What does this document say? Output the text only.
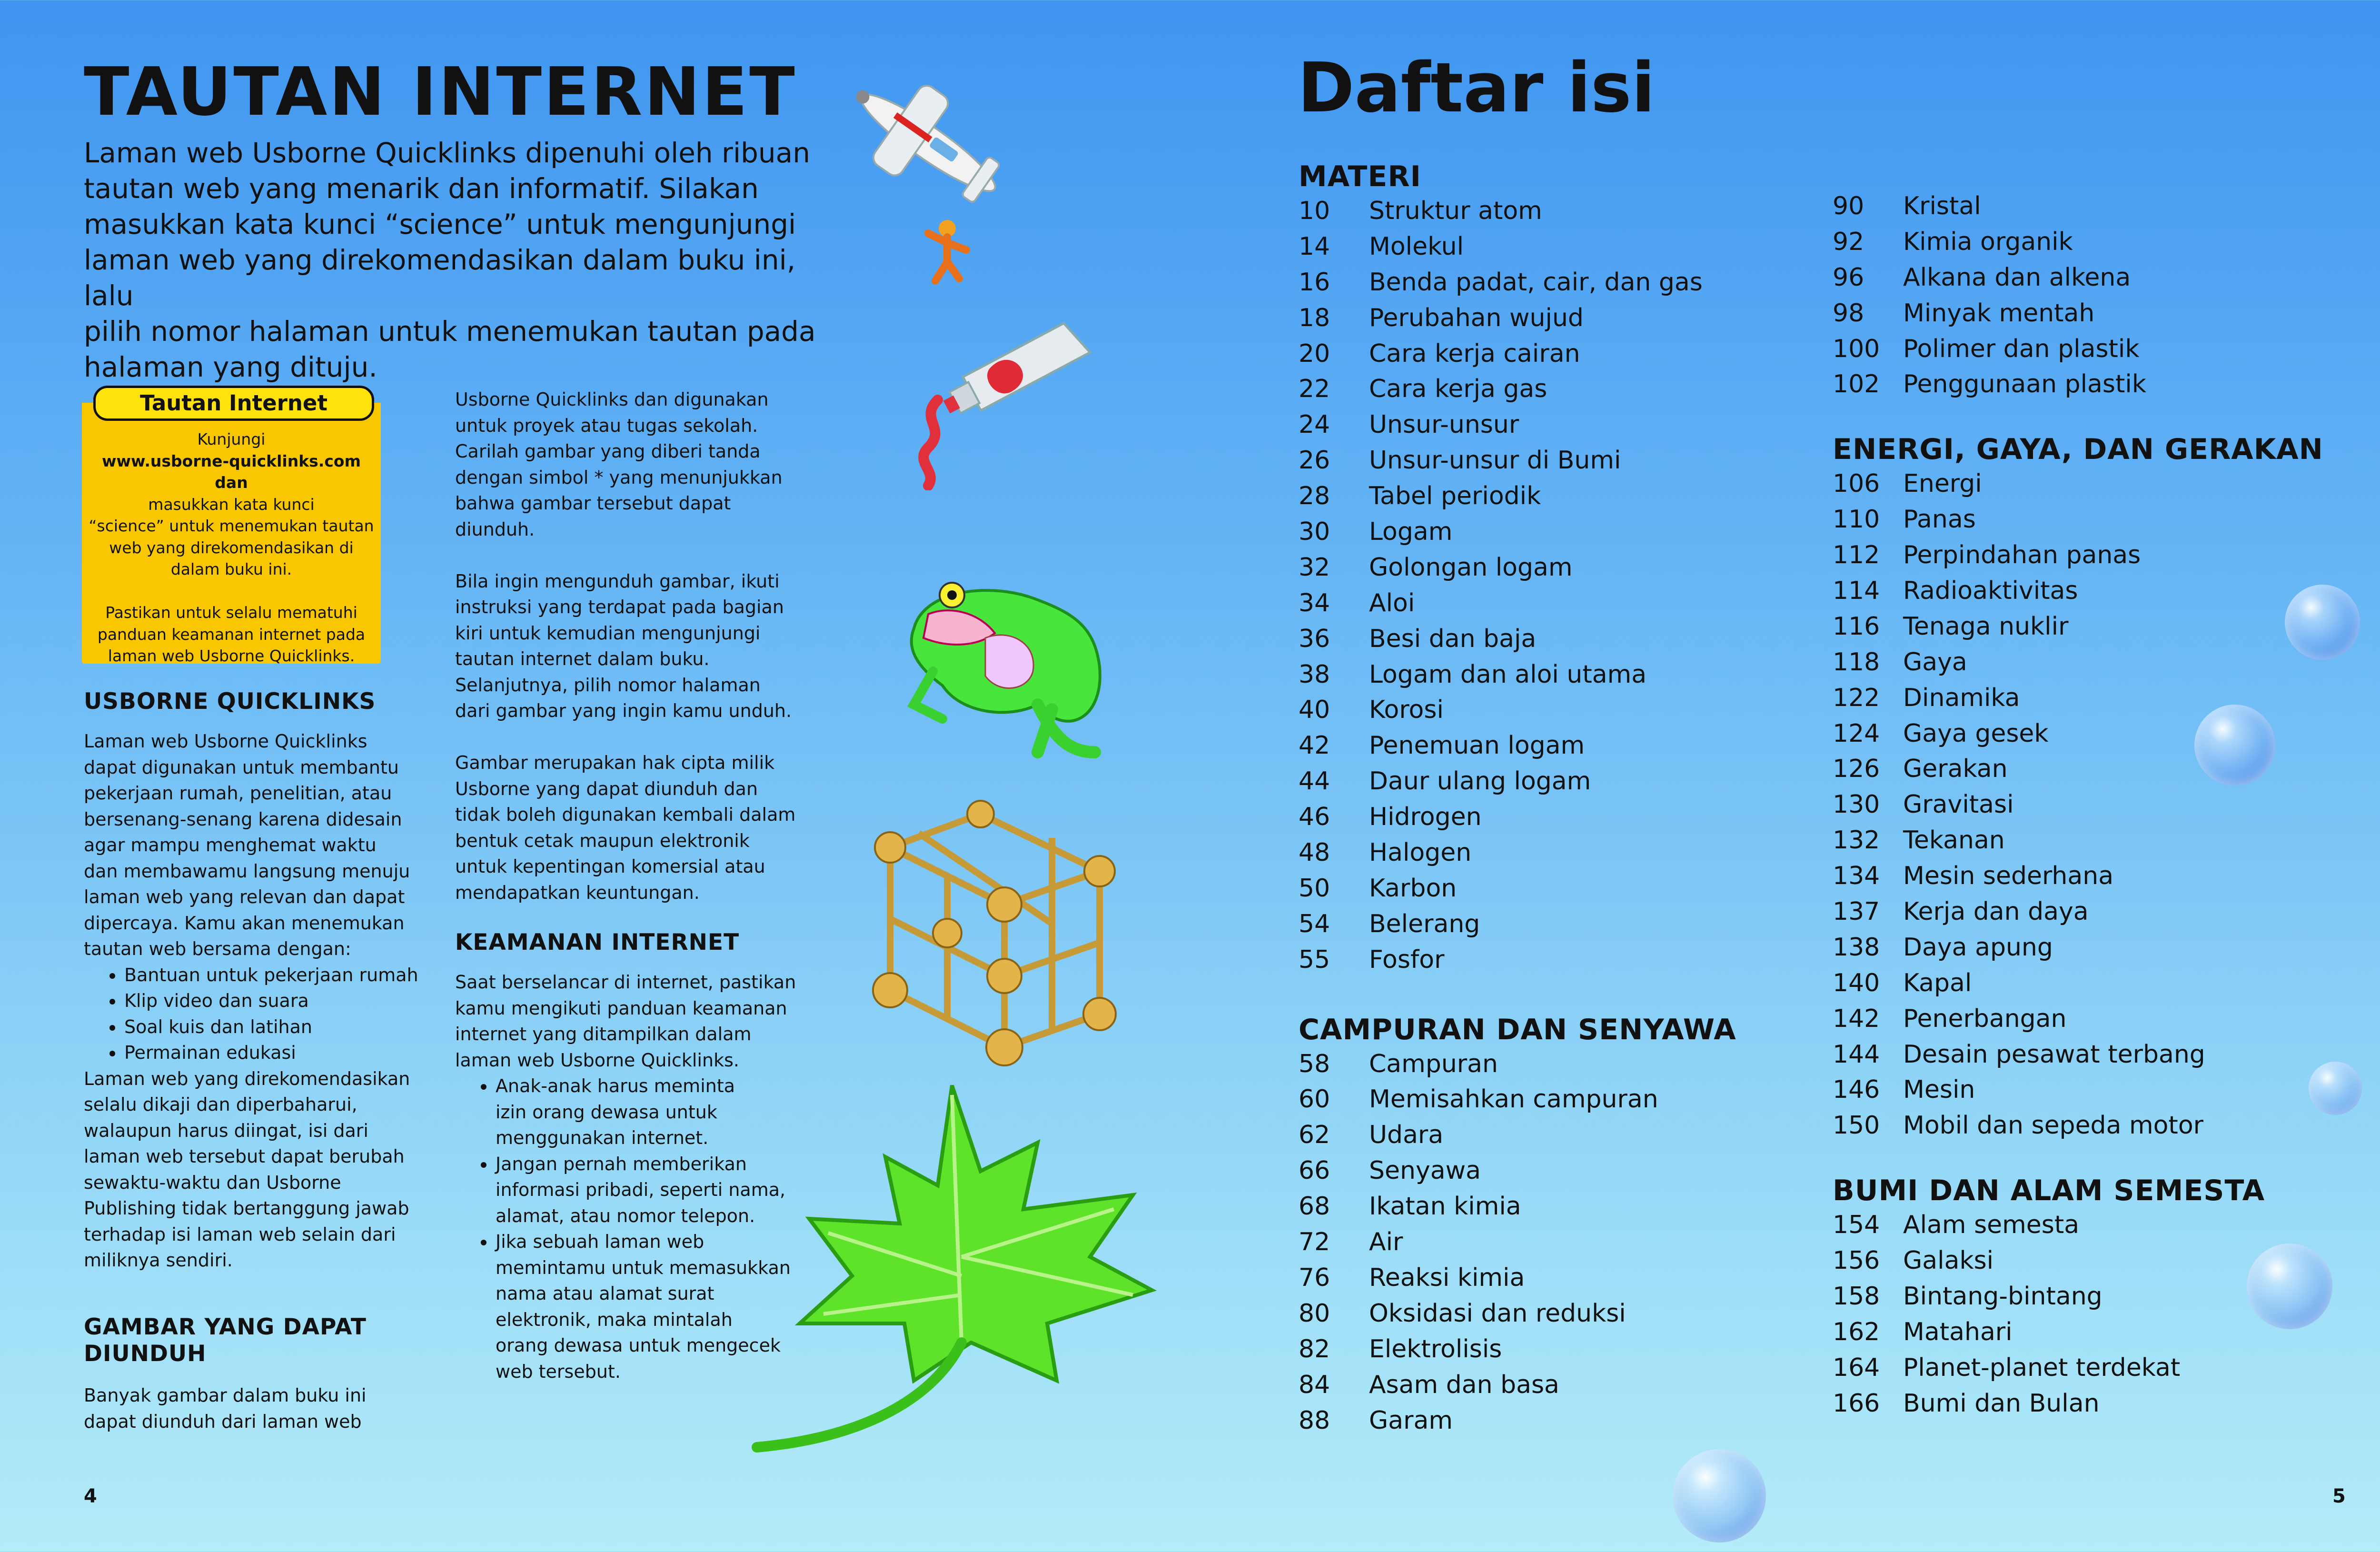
TAUTAN INTERNET
Laman web Usborne Quicklinks dipenuhi oleh ribuan
tautan web yang menarik dan informatif. Silakan
masukkan kata kunci “science” untuk mengunjungi
laman web yang direkomendasikan dalam buku ini, lalu
pilih nomor halaman untuk menemukan tautan pada
halaman yang dituju.
Tautan Internet
Kunjungi
www.usborne-quicklinks.com dan
masukkan kata kunci
“science” untuk menemukan tautan
web yang direkomendasikan di
dalam buku ini.
Pastikan untuk selalu mematuhi
panduan keamanan internet pada
laman web Usborne Quicklinks.
USBORNE QUICKLINKS

Laman web Usborne Quicklinks

dapat digunakan untuk membantu

pekerjaan rumah, penelitian, atau

bersenang-senang karena didesain

agar mampu menghemat waktu

dan membawamu langsung menuju

laman web yang relevan dan dapat

dipercaya. Kamu akan menemukan

tautan web bersama dengan:

• Bantuan untuk pekerjaan rumah
• Klip video dan suara
• Soal kuis dan latihan
• Permainan edukasi

Laman web yang direkomendasikan

selalu dikaji dan diperbaharui,

walaupun harus diingat, isi dari

laman web tersebut dapat berubah

sewaktu-waktu dan Usborne

Publishing tidak bertanggung jawab

terhadap isi laman web selain dari

miliknya sendiri.

GAMBAR YANG DAPAT
DIUNDUH

Banyak gambar dalam buku ini

dapat diunduh dari laman web

Usborne Quicklinks dan digunakan

untuk proyek atau tugas sekolah.

Carilah gambar yang diberi tanda

dengan simbol * yang menunjukkan

bahwa gambar tersebut dapat

diunduh.

Bila ingin mengunduh gambar, ikuti

instruksi yang terdapat pada bagian

kiri untuk kemudian mengunjungi

tautan internet dalam buku.

Selanjutnya, pilih nomor halaman

dari gambar yang ingin kamu unduh.

Gambar merupakan hak cipta milik

Usborne yang dapat diunduh dan

tidak boleh digunakan kembali dalam

bentuk cetak maupun elektronik

untuk kepentingan komersial atau

mendapatkan keuntungan.

KEAMANAN INTERNET

Saat berselancar di internet, pastikan

kamu mengikuti panduan keamanan

internet yang ditampilkan dalam

laman web Usborne Quicklinks.

• Anak-anak harus meminta
izin orang dewasa untuk
menggunakan internet.
• Jangan pernah memberikan
informasi pribadi, seperti nama,
alamat, atau nomor telepon.
• Jika sebuah laman web
memintamu untuk memasukkan
nama atau alamat surat
elektronik, maka mintalah
orang dewasa untuk mengecek
web tersebut.
4
Daftar isi
MATERI
10	Struktur atom
14	Molekul
16	Benda padat, cair, dan gas
18	Perubahan wujud
20	Cara kerja cairan
22	Cara kerja gas
24	Unsur-unsur
26	Unsur-unsur di Bumi
28	Tabel periodik
30	Logam
32	Golongan logam
34	Aloi
36	Besi dan baja
38	Logam dan aloi utama
40	Korosi
42	Penemuan logam
44	Daur ulang logam
46	Hidrogen
48	Halogen
50	Karbon
54	Belerang
55	Fosfor
CAMPURAN DAN SENYAWA
58	Campuran
60	Memisahkan campuran
62	Udara
66	Senyawa
68	Ikatan kimia
72	Air
76	Reaksi kimia
80	Oksidasi dan reduksi
82	Elektrolisis
84	Asam dan basa
88	Garam
90	Kristal
92	Kimia organik
96	Alkana dan alkena
98	Minyak mentah
100 Polimer dan plastik
102 Penggunaan plastik
ENERGI, GAYA, DAN GERAKAN
106 Energi
110 Panas
112 Perpindahan panas
114 Radioaktivitas
116 Tenaga nuklir
118 Gaya
122 Dinamika
124 Gaya gesek
126 Gerakan
130 Gravitasi
132 Tekanan
134 Mesin sederhana
137 Kerja dan daya
138 Daya apung
140 Kapal
142 Penerbangan
144 Desain pesawat terbang
146 Mesin
150 Mobil dan sepeda motor
BUMI DAN ALAM SEMESTA
154 Alam semesta
156 Galaksi
158 Bintang-bintang
162 Matahari
164 Planet-planet terdekat
166 Bumi dan Bulan
5
